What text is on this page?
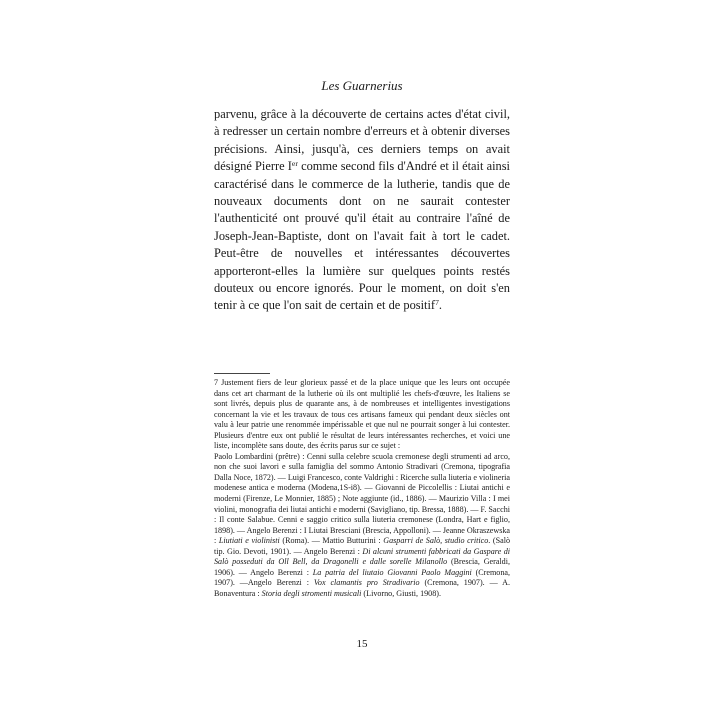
Les Guarnerius

parvenu, grâce à la découverte de certains actes d'état civil, à redresser un certain nombre d'erreurs et à obtenir diverses précisions. Ainsi, jusqu'à, ces derniers temps on avait désigné Pierre Ier comme second fils d'André et il était ainsi caractérisé dans le commerce de la lutherie, tandis que de nouveaux documents dont on ne saurait contester l'authenticité ont prouvé qu'il était au contraire l'aîné de Joseph-Jean-Baptiste, dont on l'avait fait à tort le cadet. Peut-être de nouvelles et intéressantes découvertes apporteront-elles la lumière sur quelques points restés douteux ou encore ignorés. Pour le moment, on doit s'en tenir à ce que l'on sait de certain et de positif$^7$.

7 Justement fiers de leur glorieux passé et de la place unique que les leurs ont occupée dans cet art charmant de la lutherie où ils ont multiplié les chefs-d'œuvre, les Italiens se sont livrés, depuis plus de quarante ans, à de nombreuses et intelligentes investigations concernant la vie et les travaux de tous ces artisans fameux qui pendant deux siècles ont valu à leur patrie une renommée impérissable et que nul ne pourrait songer à lui contester. Plusieurs d'entre eux ont publié le résultat de leurs intéressantes recherches, et voici une liste, incomplète sans doute, des écrits parus sur ce sujet :
Paolo Lombardini (prêtre) : Cenni sulla celebre scuola cremonese degli strumenti ad arco, non che suoi lavori e sulla famiglia del sommo Antonio Stradivari (Cremona, tipografia Dalla Noce, 1872). — Luigi Francesco, conte Valdrighi : Ricerche sulla liuteria e violineria modenese antica e moderna (Modena,1S-i8). — Giovanni de Piccolellis : Liutai antichi e moderni (Firenze, Le Monnier, 1885) ; Note aggiunte (id., 1886). — Maurizio Villa : I mei violini, monografia dei liutai antichi e moderni (Savigliano, tip. Bressa, 1888). — F. Sacchi : Il conte Salabue. Cenni e saggio critico sulla liuteria cremonese (Londra, Hart e figlio, 1898). — Angelo Berenzi : I Liutai Bresciani (Brescia, Appolloni). — Jeanne Okraszewska : Liutiati e violinisti (Roma). — Mattio Butturini : Gasparri de Salò, studio critico. (Salò tip. Gio. Devoti, 1901). — Angelo Berenzi : Di alcuni strumenti fabbricati da Gaspare di Salò posseduti da Oll Bell, da Dragonelli e dalle sorelle Milanollo (Brescia, Geraldi, 1906). — Angelo Berenzi : La patria del liutaio Giovanni Paolo Maggini (Cremona, 1907). —Angelo Berenzi : Vox clamantis pro Stradivario (Cremona, 1907). — A. Bonaventura : Storia degli stromenti musicali (Livorno, Giusti, 1908).

15
